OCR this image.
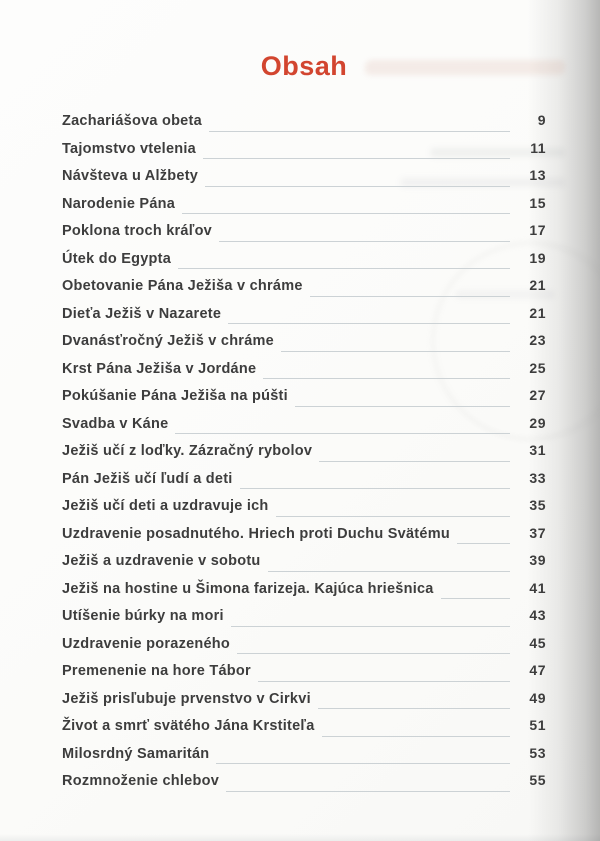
Obsah
Zachariášova obeta	9
Tajomstvo vtelenia	11
Návšteva u Alžbety	13
Narodenie Pána	15
Poklona troch kráľov	17
Útek do Egypta	19
Obetovanie Pána Ježiša v chráme	21
Dieťa Ježiš v Nazarete	21
Dvanásťročný Ježiš v chráme	23
Krst Pána Ježiša v Jordáne	25
Pokúšanie Pána Ježiša na púšti	27
Svadba v Káne	29
Ježiš učí z loďky. Zázračný rybolov	31
Pán Ježiš učí ľudí a deti	33
Ježiš učí deti a uzdravuje ich	35
Uzdravenie posadnutého. Hriech proti Duchu Svätému	37
Ježiš a uzdravenie v sobotu	39
Ježiš na hostine u Šimona farizeja. Kajúca hriešnica	41
Utíšenie búrky na mori	43
Uzdravenie porazeného	45
Premenenie na hore Tábor	47
Ježiš prisľubuje prvenstvo v Cirkvi	49
Život a smrť svätého Jána Krstiteľa	51
Milosrdný Samaritán	53
Rozmnoženie chlebov	55
